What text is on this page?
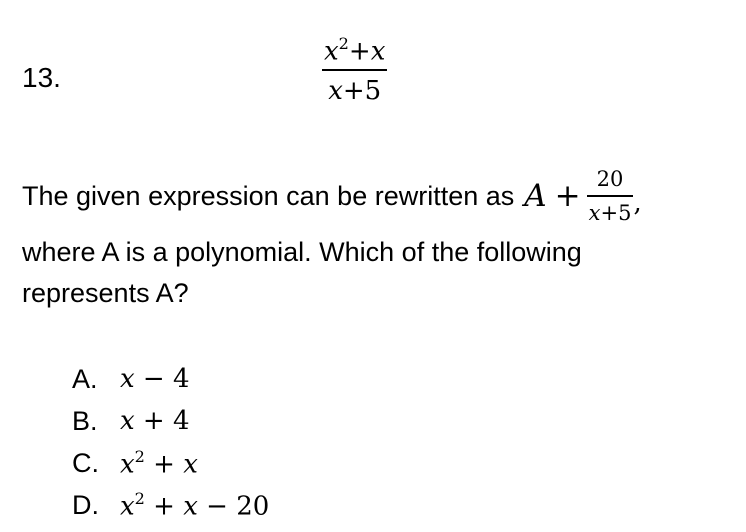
13.
$x^2+x$
x+5
The given expression can be rewritten as $A + \frac{20}{x+5}$ ,
where A is a polynomial. Which of the following
represents A?
A. x − 4
B. x + 4
C. $x^2 + x$
D. $x^2 + x - 20$
